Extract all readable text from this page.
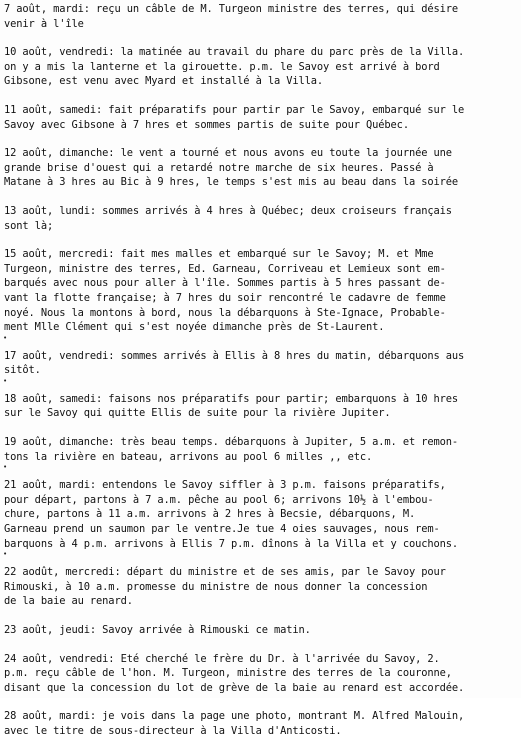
7 août, mardi: reçu un câble de M. Turgeon ministre des terres, qui désire
venir à l'île

10 août, vendredi: la matinée au travail du phare du parc près de la Villa.
on y a mis la lanterne et la girouette. p.m. le Savoy est arrivé à bord
Gibsone, est venu avec Myard et installé à la Villa.

11 août, samedi: fait préparatifs pour partir par le Savoy, embarqué sur le
Savoy avec Gibsone à 7 hres et sommes partis de suite pour Québec.

12 août, dimanche: le vent a tourné et nous avons eu toute la journée une
grande brise d'ouest qui a retardé notre marche de six heures. Passé à
Matane à 3 hres au Bic à 9 hres, le temps s'est mis au beau dans la soirée

13 août, lundi: sommes arrivés à 4 hres à Québec; deux croiseurs français
sont là;

15 août, mercredi: fait mes malles et embarqué sur le Savoy; M. et Mme
Turgeon, ministre des terres, Ed. Garneau, Corriveau et Lemieux sont em-
barqués avec nous pour aller à l'île. Sommes partis à 5 hres passant de-
vant la flotte française; à 7 hres du soir rencontré le cadavre de femme
noyé. Nous la montons à bord, nous la débarquons à Ste-Ignace, Probable-
ment Mlle Clément qui s'est noyée dimanche près de St-Laurent.

•

17 août, vendredi: sommes arrivés à Ellis à 8 hres du matin, débarquons aus
sitôt.

•

18 août, samedi: faisons nos préparatifs pour partir; embarquons à 10 hres
sur le Savoy qui quitte Ellis de suite pour la rivière Jupiter.

19 août, dimanche: très beau temps. débarquons à Jupiter, 5 a.m. et remon-
tons la rivière en bateau, arrivons au pool 6 milles ,, etc.

•

21 août, mardi: entendons le Savoy siffler à 3 p.m. faisons préparatifs,
pour départ, partons à 7 a.m. pêche au pool 6; arrivons 10½ à l'embou-
chure, partons à 11 a.m. arrivons à 2 hres à Becsie, débarquons, M.
Garneau prend un saumon par le ventre.Je tue 4 oies sauvages, nous rem-
barquons à 4 p.m. arrivons à Ellis 7 p.m. dînons à la Villa et y couchons.

•

22 aodût, mercredi: départ du ministre et de ses amis, par le Savoy pour
Rimouski, à 10 a.m. promesse du ministre de nous donner la concession
de la baie au renard.

23 août, jeudi: Savoy arrivée à Rimouski ce matin.

24 août, vendredi: Eté cherché le frère du Dr. à l'arrivée du Savoy, 2.
p.m. reçu câble de l'hon. M. Turgeon, ministre des terres de la couronne,
disant que la concession du lot de grève de la baie au renard est accordée.

28 août, mardi: je vois dans la page une photo, montrant M. Alfred Malouin,
avec le titre de sous-directeur à la Villa d'Anticosti.
